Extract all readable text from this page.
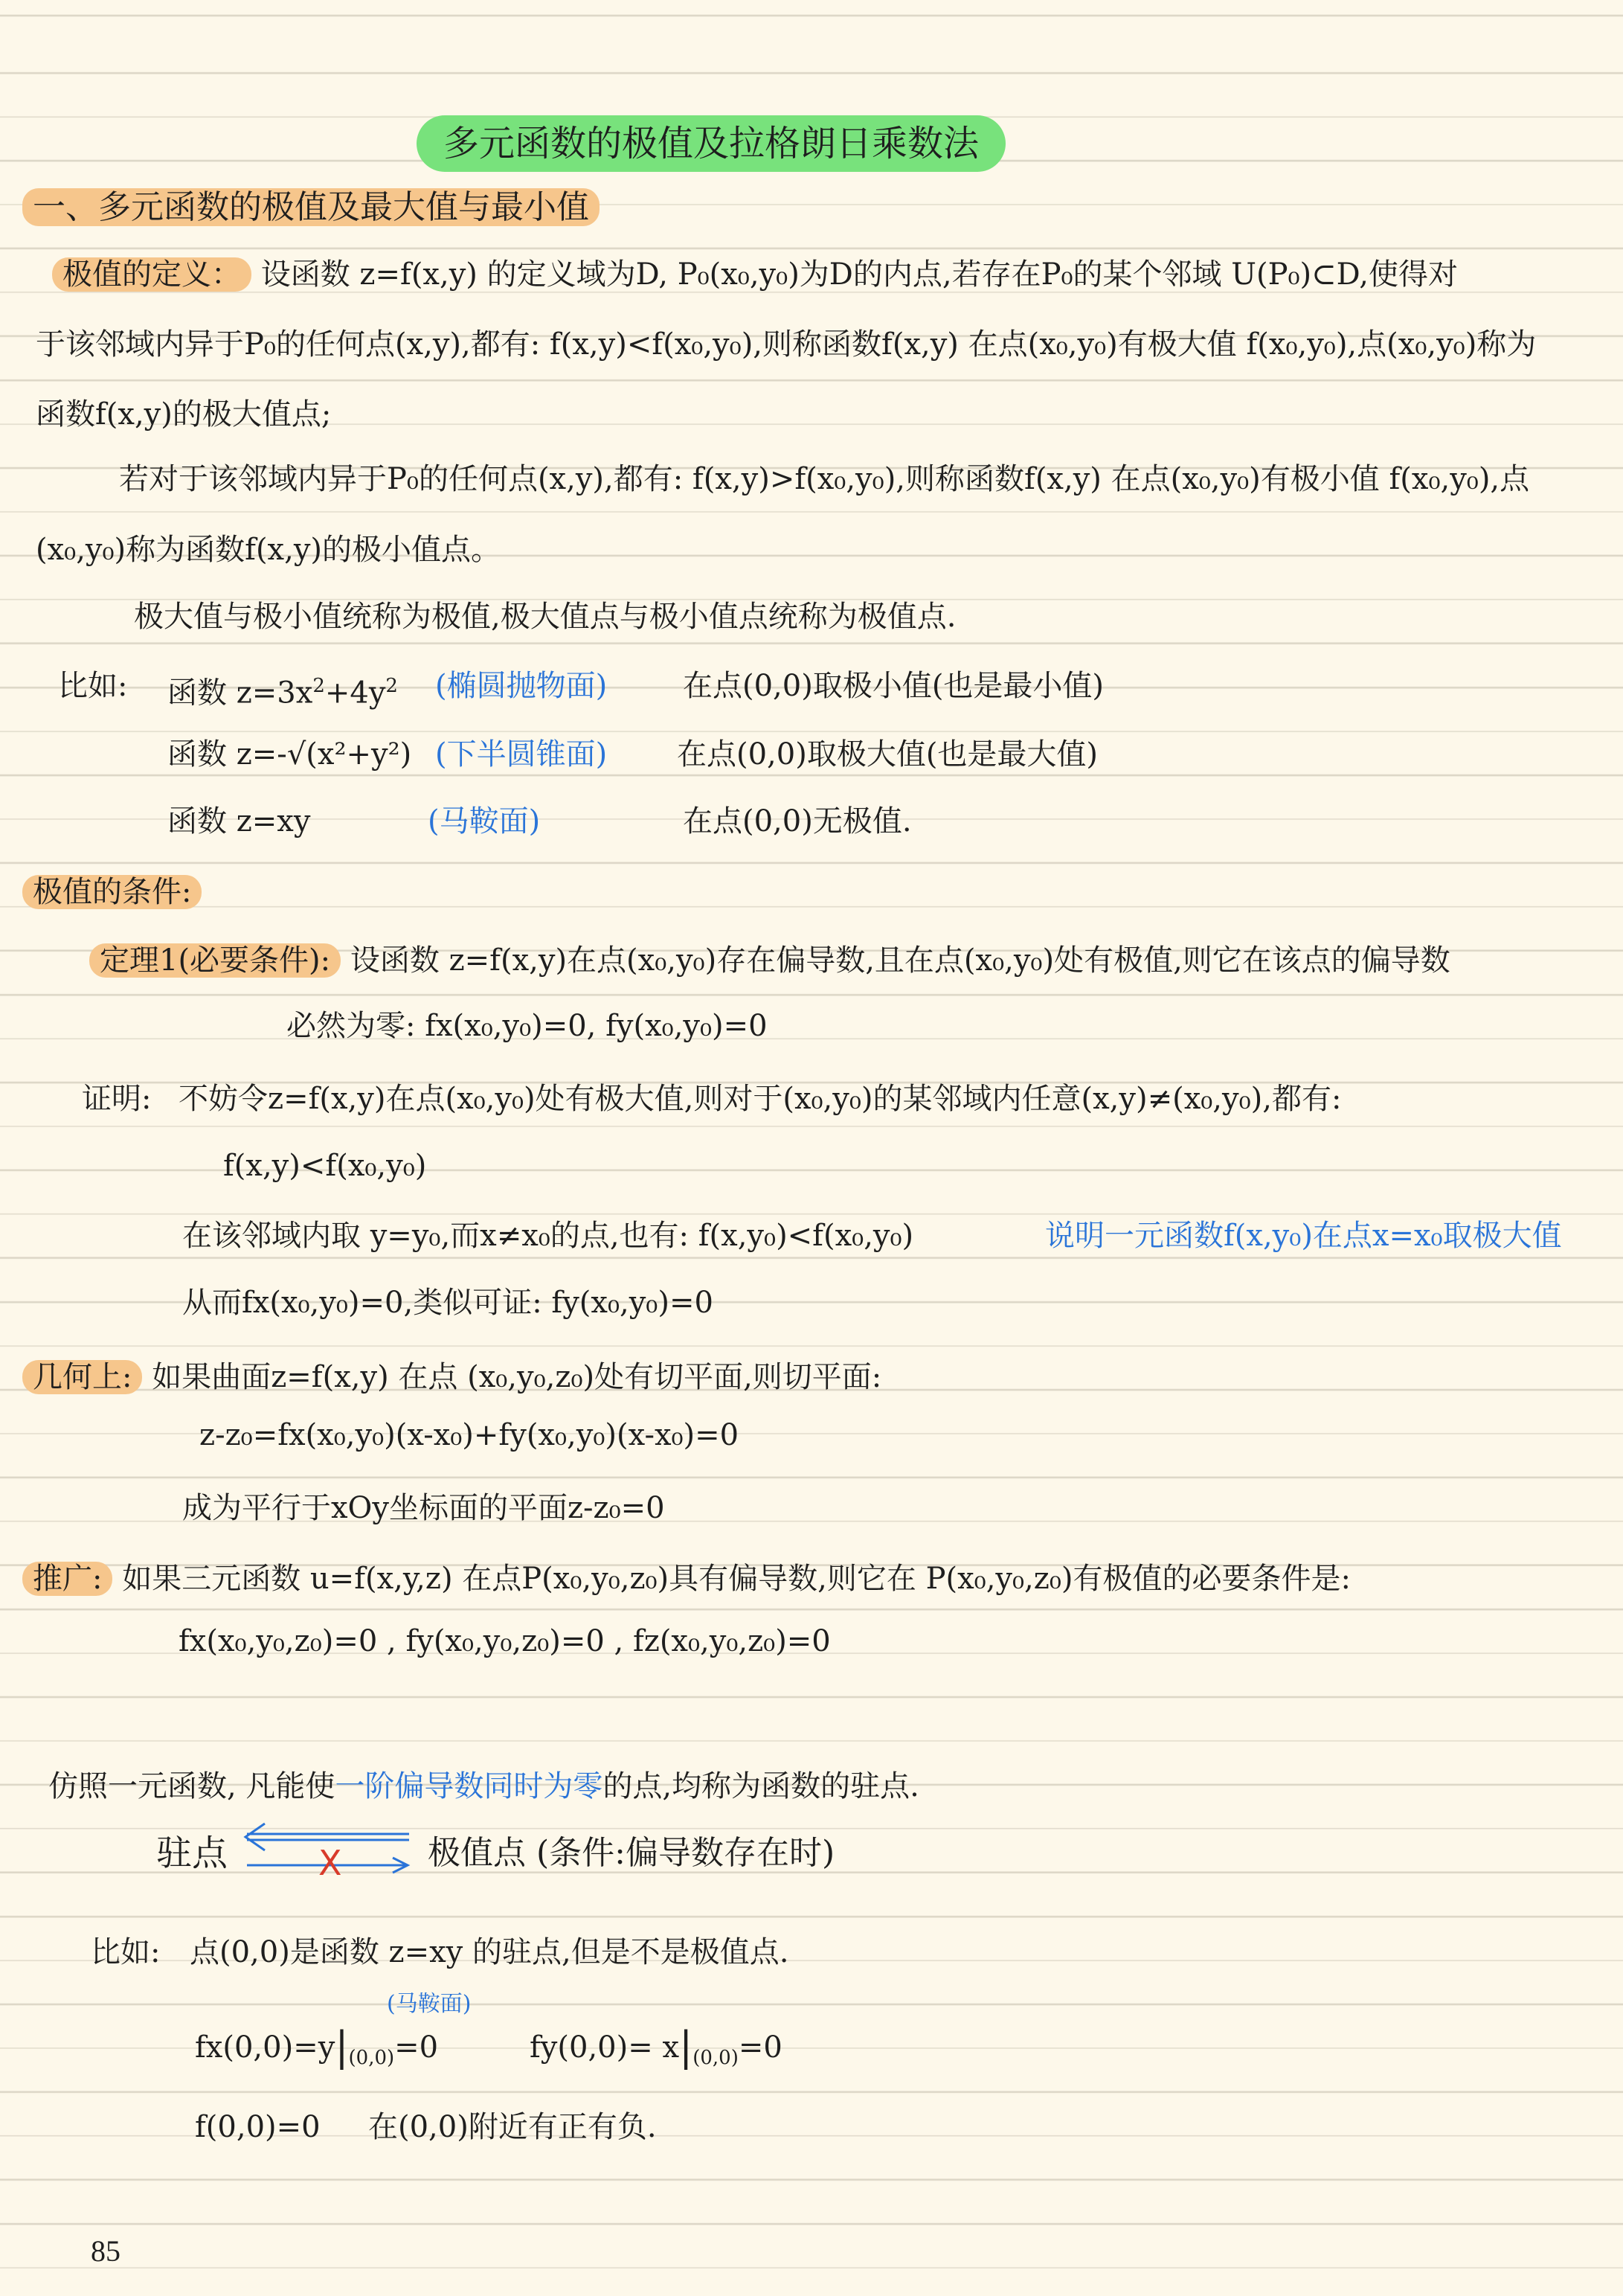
多元函数的极值及拉格朗日乘数法
一、多元函数的极值及最大值与最小值
极值的定义： 设函数 z=f(x,y) 的定义域为D, P₀(x₀,y₀)为D的内点,若存在P₀的某个邻域 U(P₀)⊂D,使得对
于该邻域内异于P₀的任何点(x,y),都有: f(x,y)<f(x₀,y₀),则称函数f(x,y) 在点(x₀,y₀)有极大值 f(x₀,y₀),点(x₀,y₀)称为
函数f(x,y)的极大值点;
若对于该邻域内异于P₀的任何点(x,y),都有: f(x,y)>f(x₀,y₀),则称函数f(x,y) 在点(x₀,y₀)有极小值 f(x₀,y₀),点
(x₀,y₀)称为函数f(x,y)的极小值点。
极大值与极小值统称为极值,极大值点与极小值点统称为极值点.
比如: 函数 $z=3x^2+4y^2$ (椭圆抛物面)	在点(0,0)取极小值(也是最小值)
函数 z=-√(x²+y²) (下半圆锥面) 在点(0,0)取极大值(也是最大值)
函数 z=xy	(马鞍面)	在点(0,0)无极值.
极值的条件:
定理1(必要条件): 设函数 z=f(x,y)在点(x₀,y₀)存在偏导数,且在点(x₀,y₀)处有极值,则它在该点的偏导数
必然为零: fx(x₀,y₀)=0, fy(x₀,y₀)=0
证明: 不妨令z=f(x,y)在点(x₀,y₀)处有极大值,则对于(x₀,y₀)的某邻域内任意(x,y)≠(x₀,y₀),都有:
f(x,y)<f(x₀,y₀)
在该邻域内取 y=y₀,而x≠x₀的点,也有: f(x,y₀)<f(x₀,y₀)	说明一元函数f(x,y₀)在点x=x₀取极大值
从而fx(x₀,y₀)=0,类似可证: fy(x₀,y₀)=0
几何上: 如果曲面z=f(x,y) 在点 (x₀,y₀,z₀)处有切平面,则切平面:
z-z₀=fx(x₀,y₀)(x-x₀)+fy(x₀,y₀)(x-x₀)=0
成为平行于xOy坐标面的平面z-z₀=0
推广: 如果三元函数 u=f(x,y,z) 在点P(x₀,y₀,z₀)具有偏导数,则它在 P(x₀,y₀,z₀)有极值的必要条件是:
fx(x₀,y₀,z₀)=0 , fy(x₀,y₀,z₀)=0 , fz(x₀,y₀,z₀)=0
仿照一元函数, 凡能使一阶偏导数同时为零的点,均称为函数的驻点.
驻点	X	极值点 (条件:偏导数存在时)
比如: 点(0,0)是函数 z=xy 的驻点,但是不是极值点.
(马鞍面)
$fx(0,0)=y|_{(0,0)}=0$	$fy(0,0)= x|_{(0,0)}=0$
f(0,0)=0 在(0,0)附近有正有负.
85
